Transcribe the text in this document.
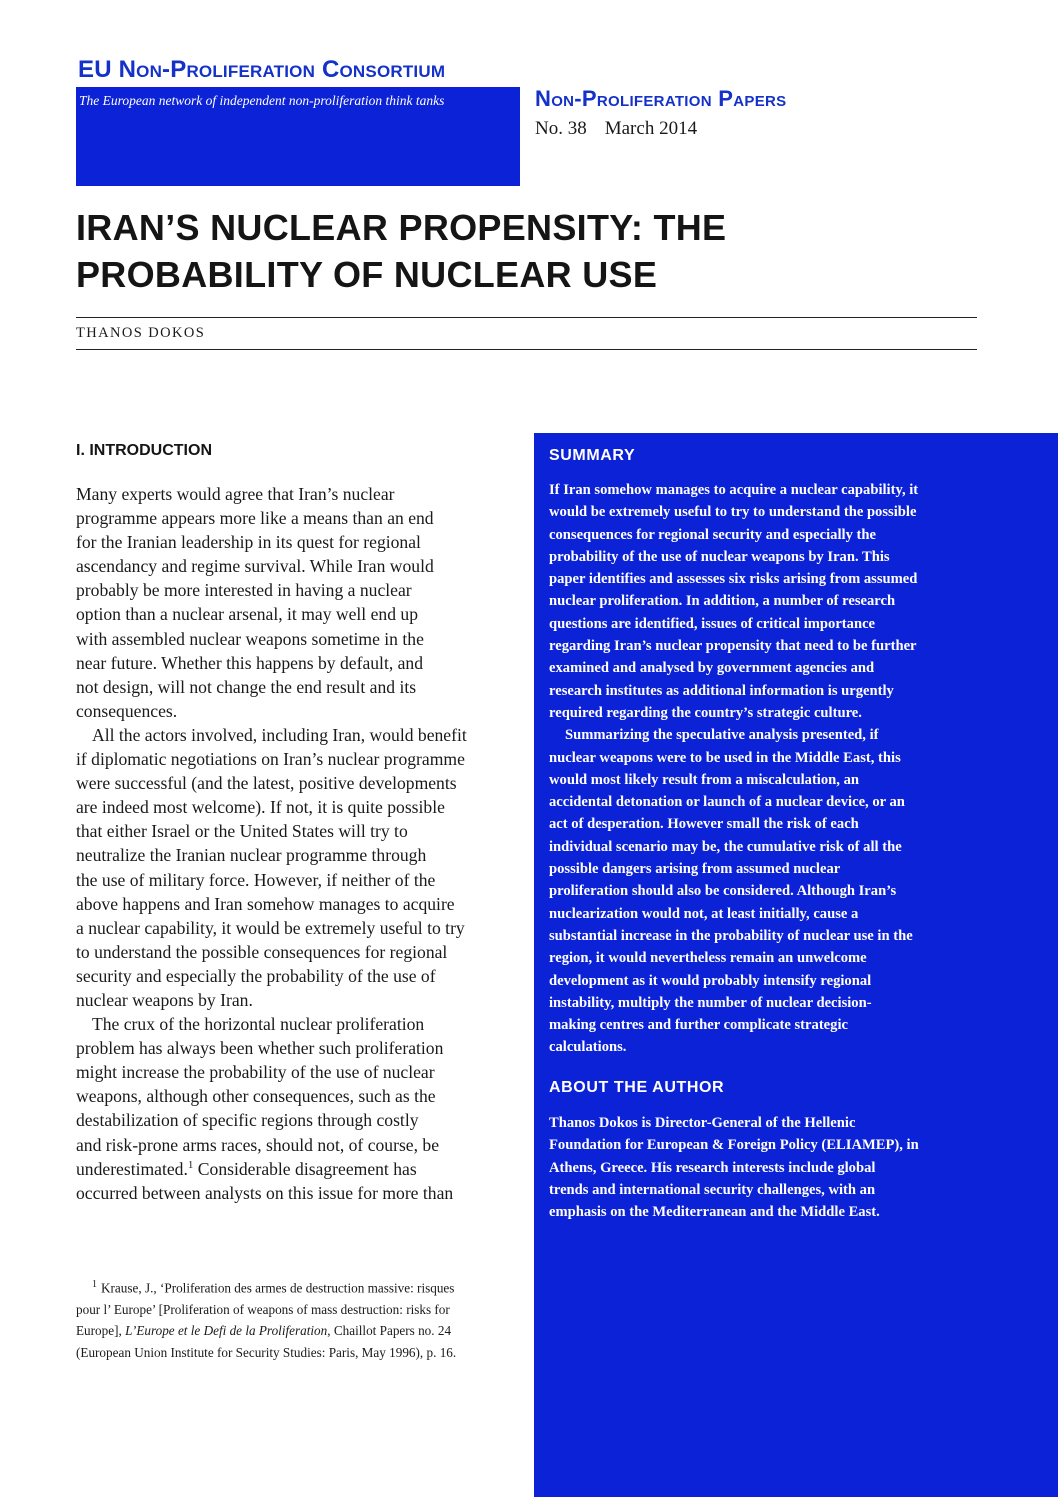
EU Non-Proliferation Consortium
The European network of independent non-proliferation think tanks	Non-Proliferation Papers
No. 38 March 2014
IRAN’S NUCLEAR PROPENSITY: THE
PROBABILITY OF NUCLEAR USE
THANOS DOKOS
I. INTRODUCTION

Many experts would agree that Iran’s nuclear
programme appears more like a means than an end
for the Iranian leadership in its quest for regional
ascendancy and regime survival. While Iran would
probably be more interested in having a nuclear
option than a nuclear arsenal, it may well end up
with assembled nuclear weapons sometime in the
near future. Whether this happens by default, and
not design, will not change the end result and its
consequences.

All the actors involved, including Iran, would benefit
if diplomatic negotiations on Iran’s nuclear programme
were successful (and the latest, positive developments
are indeed most welcome). If not, it is quite possible
that either Israel or the United States will try to
neutralize the Iranian nuclear programme through
the use of military force. However, if neither of the
above happens and Iran somehow manages to acquire
a nuclear capability, it would be extremely useful to try
to understand the possible consequences for regional
security and especially the probability of the use of
nuclear weapons by Iran.

The crux of the horizontal nuclear proliferation
problem has always been whether such proliferation
might increase the probability of the use of nuclear
weapons, although other consequences, such as the
destabilization of specific regions through costly
and risk-prone arms races, should not, of course, be
underestimated.$^1$ Considerable disagreement has
occurred between analysts on this issue for more than

$^1$ Krause, J., ‘Proliferation des armes de destruction massive: risques
pour l’ Europe’ [Proliferation of weapons of mass destruction: risks for
Europe], L’Europe et le Defi de la Proliferation, Chaillot Papers no. 24
(European Union Institute for Security Studies: Paris, May 1996), p. 16.

SUMMARY

If Iran somehow manages to acquire a nuclear capability, it
would be extremely useful to try to understand the possible
consequences for regional security and especially the
probability of the use of nuclear weapons by Iran. This
paper identifies and assesses six risks arising from assumed
nuclear proliferation. In addition, a number of research
questions are identified, issues of critical importance
regarding Iran’s nuclear propensity that need to be further
examined and analysed by government agencies and
research institutes as additional information is urgently
required regarding the country’s strategic culture.

Summarizing the speculative analysis presented, if
nuclear weapons were to be used in the Middle East, this
would most likely result from a miscalculation, an
accidental detonation or launch of a nuclear device, or an
act of desperation. However small the risk of each
individual scenario may be, the cumulative risk of all the
possible dangers arising from assumed nuclear
proliferation should also be considered. Although Iran’s
nuclearization would not, at least initially, cause a
substantial increase in the probability of nuclear use in the
region, it would nevertheless remain an unwelcome
development as it would probably intensify regional
instability, multiply the number of nuclear decision-
making centres and further complicate strategic
calculations.

ABOUT THE AUTHOR

Thanos Dokos is Director-General of the Hellenic
Foundation for European & Foreign Policy (ELIAMEP), in
Athens, Greece. His research interests include global
trends and international security challenges, with an
emphasis on the Mediterranean and the Middle East.
